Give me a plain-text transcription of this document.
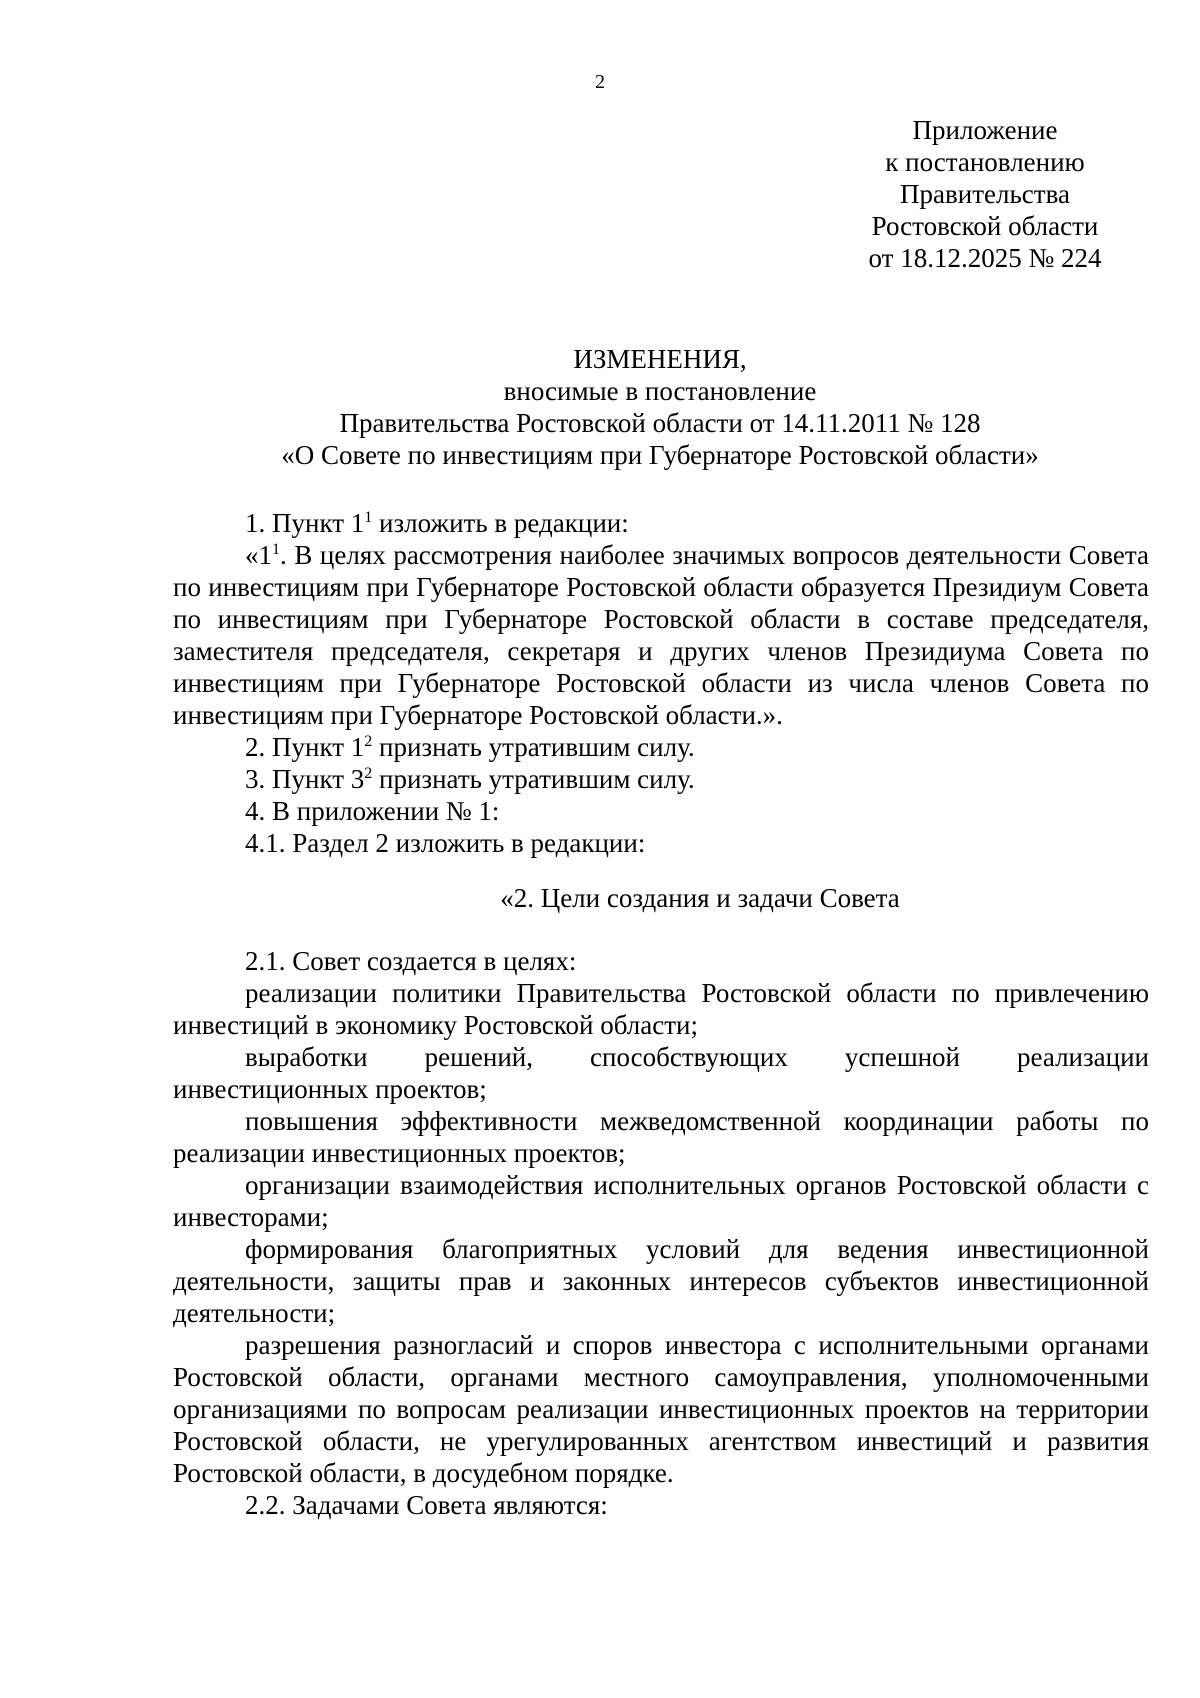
2
Приложение
к постановлению
Правительства
Ростовской области
от 18.12.2025 № 224
ИЗМЕНЕНИЯ,
вносимые в постановление
Правительства Ростовской области от 14.11.2011 № 128
«О Совете по инвестициям при Губернаторе Ростовской области»

1. Пункт $1^1$ изложить в редакции:

«$1^1$. В целях рассмотрения наиболее значимых вопросов деятельности Совета по инвестициям при Губернаторе Ростовской области образуется Президиум Совета по инвестициям при Губернаторе Ростовской области в составе председателя, заместителя председателя, секретаря и других членов Президиума Совета по инвестициям при Губернаторе Ростовской области из числа членов Совета по инвестициям при Губернаторе Ростовской области.».

2. Пункт $1^2$ признать утратившим силу.

3. Пункт $3^2$ признать утратившим силу.

4. В приложении № 1:

4.1. Раздел 2 изложить в редакции:

«2. Цели создания и задачи Совета

2.1. Совет создается в целях:

реализации политики Правительства Ростовской области по привлечению инвестиций в экономику Ростовской области;

выработки решений, способствующих успешной реализации инвестиционных проектов;

повышения эффективности межведомственной координации работы по реализации инвестиционных проектов;

организации взаимодействия исполнительных органов Ростовской области с инвесторами;

формирования благоприятных условий для ведения инвестиционной деятельности, защиты прав и законных интересов субъектов инвестиционной деятельности;

разрешения разногласий и споров инвестора с исполнительными органами Ростовской области, органами местного самоуправления, уполномоченными организациями по вопросам реализации инвестиционных проектов на территории Ростовской области, не урегулированных агентством инвестиций и развития Ростовской области, в досудебном порядке.

2.2. Задачами Совета являются:
